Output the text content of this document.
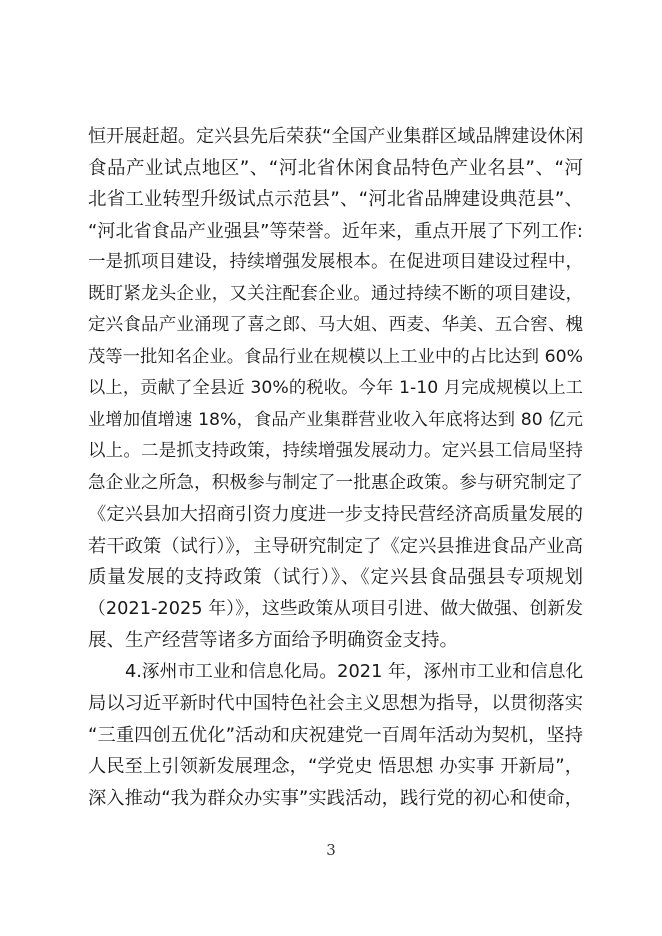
恒开展赶超。定兴县先后荣获“全国产业集群区域品牌建设休闲
食品产业试点地区”、“河北省休闲食品特色产业名县”、“河
北省工业转型升级试点示范县”、“河北省品牌建设典范县”、
“河北省食品产业强县”等荣誉。近年来，重点开展了下列工作:
一是抓项目建设，持续增强发展根本。在促进项目建设过程中，
既盯紧龙头企业，又关注配套企业。通过持续不断的项目建设，
定兴食品产业涌现了喜之郎、马大姐、西麦、华美、五合窖、槐
茂等一批知名企业。食品行业在规模以上工业中的占比达到 60%
以上，贡献了全县近 30%的税收。今年 1-10 月完成规模以上工
业增加值增速 18%，食品产业集群营业收入年底将达到 80 亿元
以上。二是抓支持政策，持续增强发展动力。定兴县工信局坚持
急企业之所急，积极参与制定了一批惠企政策。参与研究制定了
《定兴县加大招商引资力度进一步支持民营经济高质量发展的
若干政策（试行）》，主导研究制定了《定兴县推进食品产业高
质量发展的支持政策（试行）》、《定兴县食品强县专项规划
（2021-2025 年）》，这些政策从项目引进、做大做强、创新发
展、生产经营等诸多方面给予明确资金支持。
4.涿州市工业和信息化局。2021 年，涿州市工业和信息化
局以习近平新时代中国特色社会主义思想为指导，以贯彻落实
“三重四创五优化”活动和庆祝建党一百周年活动为契机，坚持
人民至上引领新发展理念，“学党史 悟思想 办实事 开新局”，
深入推动“我为群众办实事”实践活动，践行党的初心和使命，
3
